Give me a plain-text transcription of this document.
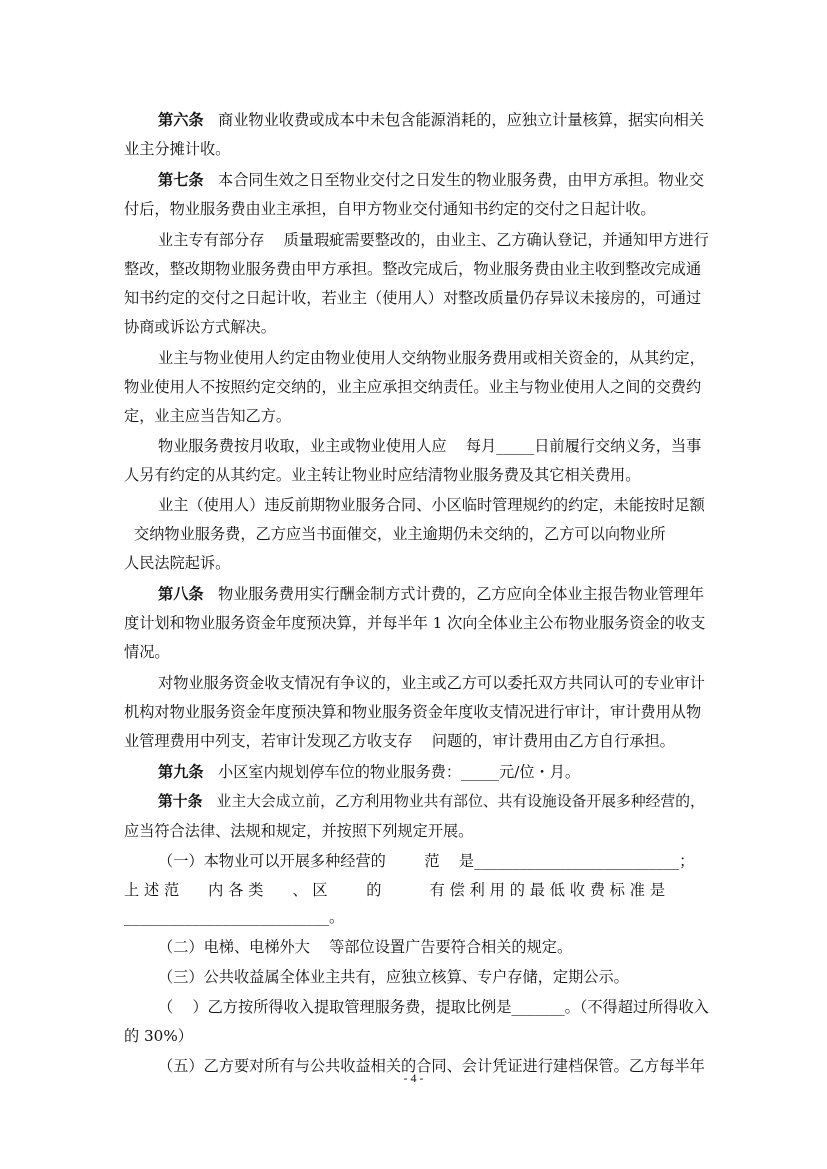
第六条   商业物业收费或成本中未包含能源消耗的，应独立计量核算，据实向相关
业主分摊计收。
第七条   本合同生效之日至物业交付之日发生的物业服务费，由甲方承担。物业交
付后，物业服务费由业主承担，自甲方物业交付通知书约定的交付之日起计收。
业主专有部分存    质量瑕疵需要整改的，由业主、乙方确认登记，并通知甲方进行
整改，整改期物业服务费由甲方承担。整改完成后，物业服务费由业主收到整改完成通
知书约定的交付之日起计收，若业主（使用人）对整改质量仍存异议未接房的，可通过
协商或诉讼方式解决。
业主与物业使用人约定由物业使用人交纳物业服务费用或相关资金的，从其约定，
物业使用人不按照约定交纳的，业主应承担交纳责任。业主与物业使用人之间的交费约
定，业主应当告知乙方。
物业服务费按月收取，业主或物业使用人应    每月_____日前履行交纳义务，当事
人另有约定的从其约定。业主转让物业时应结清物业服务费及其它相关费用。
业主（使用人）违反前期物业服务合同、小区临时管理规约的约定，未能按时足额
交纳物业服务费，乙方应当书面催交，业主逾期仍未交纳的，乙方可以向物业所
人民法院起诉。
第八条   物业服务费用实行酬金制方式计费的，乙方应向全体业主报告物业管理年
度计划和物业服务资金年度预决算，并每半年 1 次向全体业主公布物业服务资金的收支
情况。
对物业服务资金收支情况有争议的，业主或乙方可以委托双方共同认可的专业审计
机构对物业服务资金年度预决算和物业服务资金年度收支情况进行审计，审计费用从物
业管理费用中列支，若审计发现乙方收支存    问题的，审计费用由乙方自行承担。
第九条   小区室内规划停车位的物业服务费：_____元/位・月。
第十条   业主大会成立前，乙方利用物业共有部位、共有设施设备开展多种经营的，
应当符合法律、法规和规定，并按照下列规定开展。
（一）本物业可以开展多种经营的        范    是___________________________；
上 述 范      内 各 类      、 区        的          有 偿 利 用 的 最 低 收 费 标 准 是
___________________________。
（二）电梯、电梯外大    等部位设置广告要符合相关的规定。
（三）公共收益属全体业主共有，应独立核算、专户存储，定期公示。
（    ）乙方按所得收入提取管理服务费，提取比例是_______。（不得超过所得收入
的 30%）
（五）乙方要对所有与公共收益相关的合同、会计凭证进行建档保管。乙方每半年
- 4 -
